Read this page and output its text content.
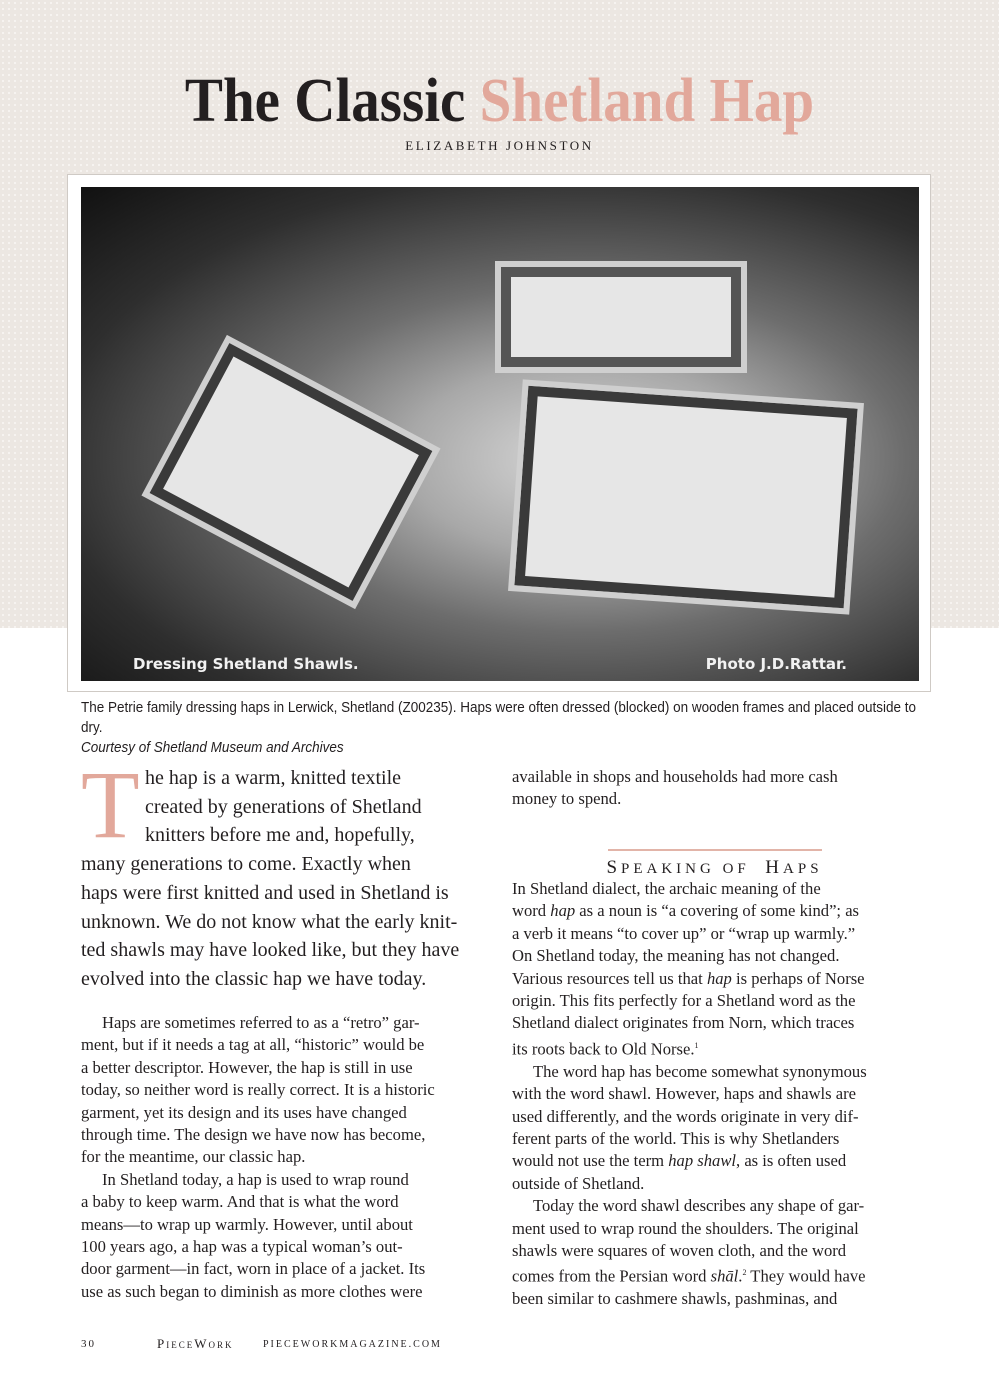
The Classic Shetland Hap
ELIZABETH JOHNSTON
Dressing Shetland Shawls.	Photo J.D.Rattar.
The Petrie family dressing haps in Lerwick, Shetland (Z00235). Haps were often dressed (blocked) on wooden frames and placed outside to dry.
Courtesy of Shetland Museum and Archives
T he hap is a warm, knitted textile
created by generations of Shetland
knitters before me and, hopefully,
many generations to come. Exactly when
haps were first knitted and used in Shetland is
unknown. We do not know what the early knit-
ted shawls may have looked like, but they have
evolved into the classic hap we have today.
Haps are sometimes referred to as a “retro” gar-
ment, but if it needs a tag at all, “historic” would be
a better descriptor. However, the hap is still in use
today, so neither word is really correct. It is a historic
garment, yet its design and its uses have changed
through time. The design we have now has become,
for the meantime, our classic hap.
In Shetland today, a hap is used to wrap round
a baby to keep warm. And that is what the word
means—to wrap up warmly. However, until about
100 years ago, a hap was a typical woman’s out-
door garment—in fact, worn in place of a jacket. Its
use as such began to diminish as more clothes were
available in shops and households had more cash
money to spend.
SPEAKING OF  HAPS
In Shetland dialect, the archaic meaning of the
word hap as a noun is “a covering of some kind”; as
a verb it means “to cover up” or “wrap up warmly.”
On Shetland today, the meaning has not changed.
Various resources tell us that hap is perhaps of Norse
origin. This fits perfectly for a Shetland word as the
Shetland dialect originates from Norn, which traces
its roots back to Old Norse.$^1$
The word hap has become somewhat synonymous
with the word shawl. However, haps and shawls are
used differently, and the words originate in very dif-
ferent parts of the world. This is why Shetlanders
would not use the term hap shawl, as is often used
outside of Shetland.
Today the word shawl describes any shape of gar-
ment used to wrap round the shoulders. The original
shawls were squares of woven cloth, and the word
comes from the Persian word shāl.$^2$ They would have
been similar to cashmere shawls, pashminas, and
30	PieceWork	PIECEWORKMAGAZINE.COM
